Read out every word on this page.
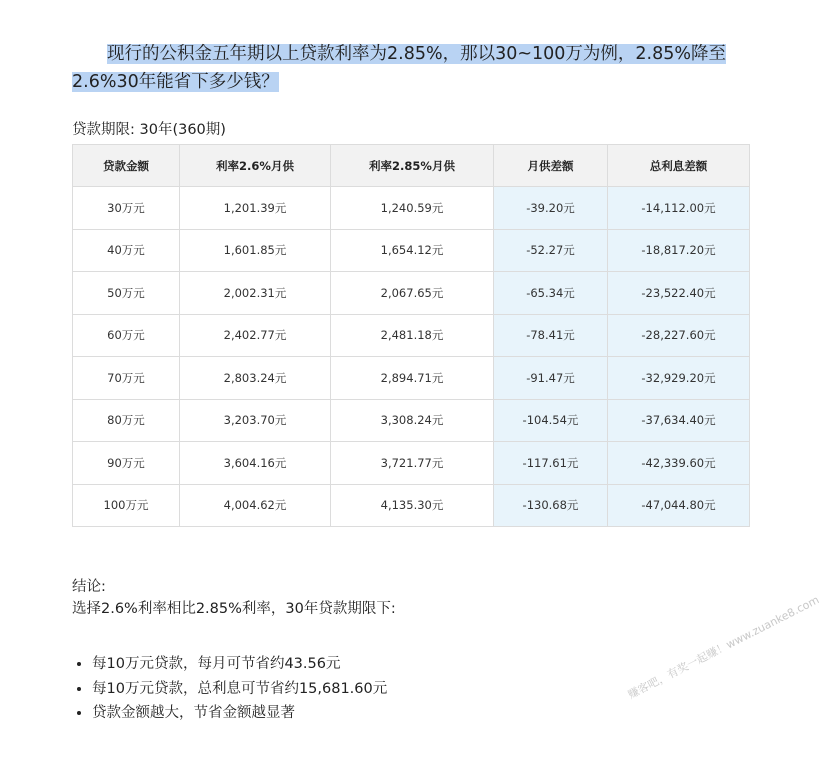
现行的公积金五年期以上贷款利率为2.85%，那以30~100万为例，2.85%降至2.6%30年能省下多少钱？

贷款期限: 30年(360期)

贷款金额	利率2.6%月供	利率2.85%月供	月供差额	总利息差额
30万元	1,201.39元	1,240.59元	-39.20元	-14,112.00元
40万元	1,601.85元	1,654.12元	-52.27元	-18,817.20元
50万元	2,002.31元	2,067.65元	-65.34元	-23,522.40元
60万元	2,402.77元	2,481.18元	-78.41元	-28,227.60元
70万元	2,803.24元	2,894.71元	-91.47元	-32,929.20元
80万元	3,203.70元	3,308.24元	-104.54元	-37,634.40元
90万元	3,604.16元	3,721.77元	-117.61元	-42,339.60元
100万元	4,004.62元	4,135.30元	-130.68元	-47,044.80元

结论:

选择2.6%利率相比2.85%利率，30年贷款期限下:

• 每10万元贷款，每月可节省约43.56元
• 每10万元贷款，总利息可节省约15,681.60元
• 贷款金额越大，节省金额越显著
赚客吧，有奖一起赚！www.zuanke8.com
